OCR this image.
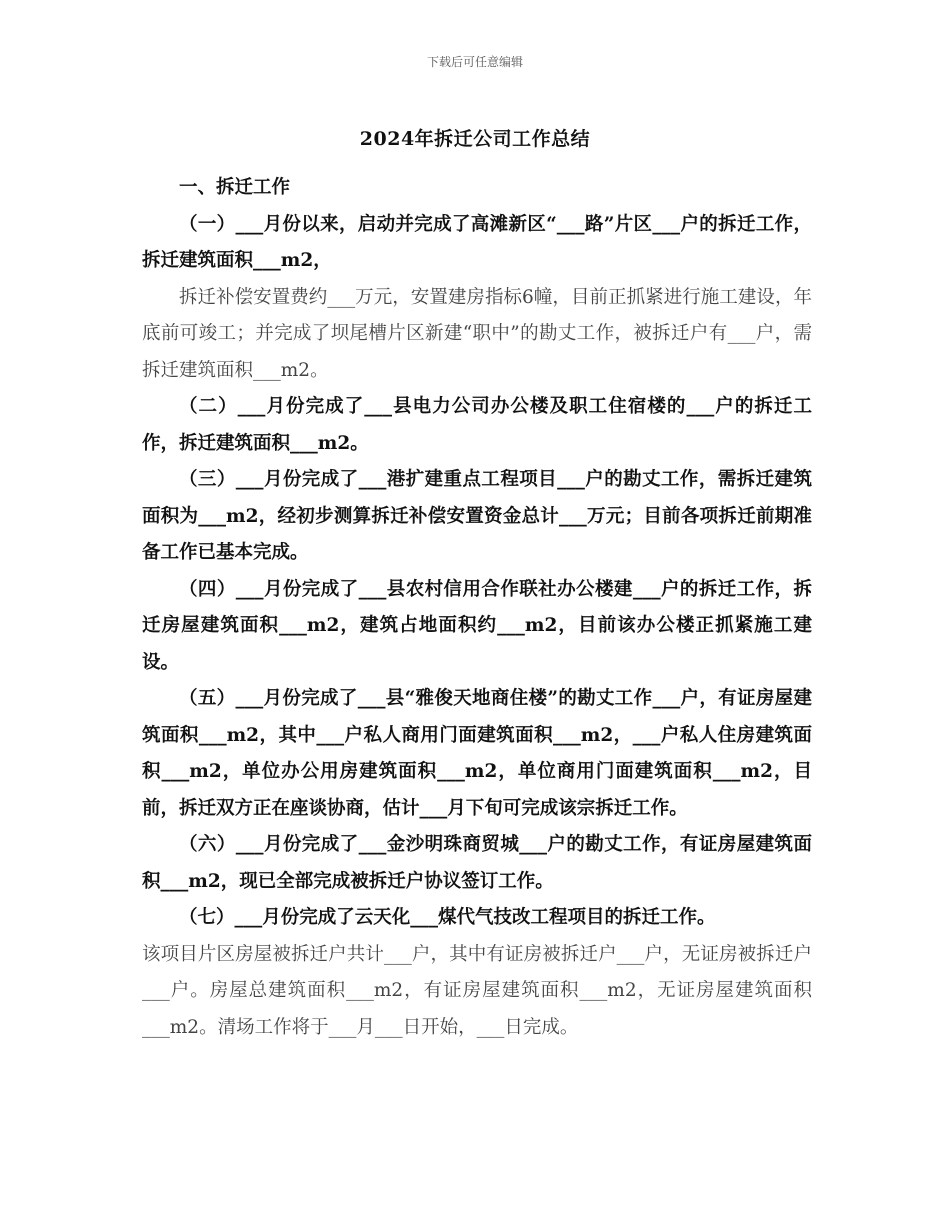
下载后可任意编辑
2024年拆迁公司工作总结

一、拆迁工作

（一）___月份以来，启动并完成了高滩新区“___路”片区___户的拆迁工作，拆迁建筑面积___m2，

拆迁补偿安置费约___万元，安置建房指标6幢，目前正抓紧进行施工建设，年底前可竣工；并完成了坝尾槽片区新建“职中”的勘丈工作，被拆迁户有___户，需拆迁建筑面积___m2。

（二）___月份完成了___县电力公司办公楼及职工住宿楼的___户的拆迁工作，拆迁建筑面积___m2。

（三）___月份完成了___港扩建重点工程项目___户的勘丈工作，需拆迁建筑面积为___m2，经初步测算拆迁补偿安置资金总计___万元；目前各项拆迁前期准备工作已基本完成。

（四）___月份完成了___县农村信用合作联社办公楼建___户的拆迁工作，拆迁房屋建筑面积___m2，建筑占地面积约___m2，目前该办公楼正抓紧施工建设。

（五）___月份完成了___县“雅俊天地商住楼”的勘丈工作___户，有证房屋建筑面积___m2，其中___户私人商用门面建筑面积___m2，___户私人住房建筑面积___m2，单位办公用房建筑面积___m2，单位商用门面建筑面积___m2，目前，拆迁双方正在座谈协商，估计___月下旬可完成该宗拆迁工作。

（六）___月份完成了___金沙明珠商贸城___户的勘丈工作，有证房屋建筑面积___m2，现已全部完成被拆迁户协议签订工作。

（七）___月份完成了云天化___煤代气技改工程项目的拆迁工作。

该项目片区房屋被拆迁户共计___户，其中有证房被拆迁户___户，无证房被拆迁户___户。房屋总建筑面积___m2，有证房屋建筑面积___m2，无证房屋建筑面积___m2。清场工作将于___月___日开始，___日完成。
